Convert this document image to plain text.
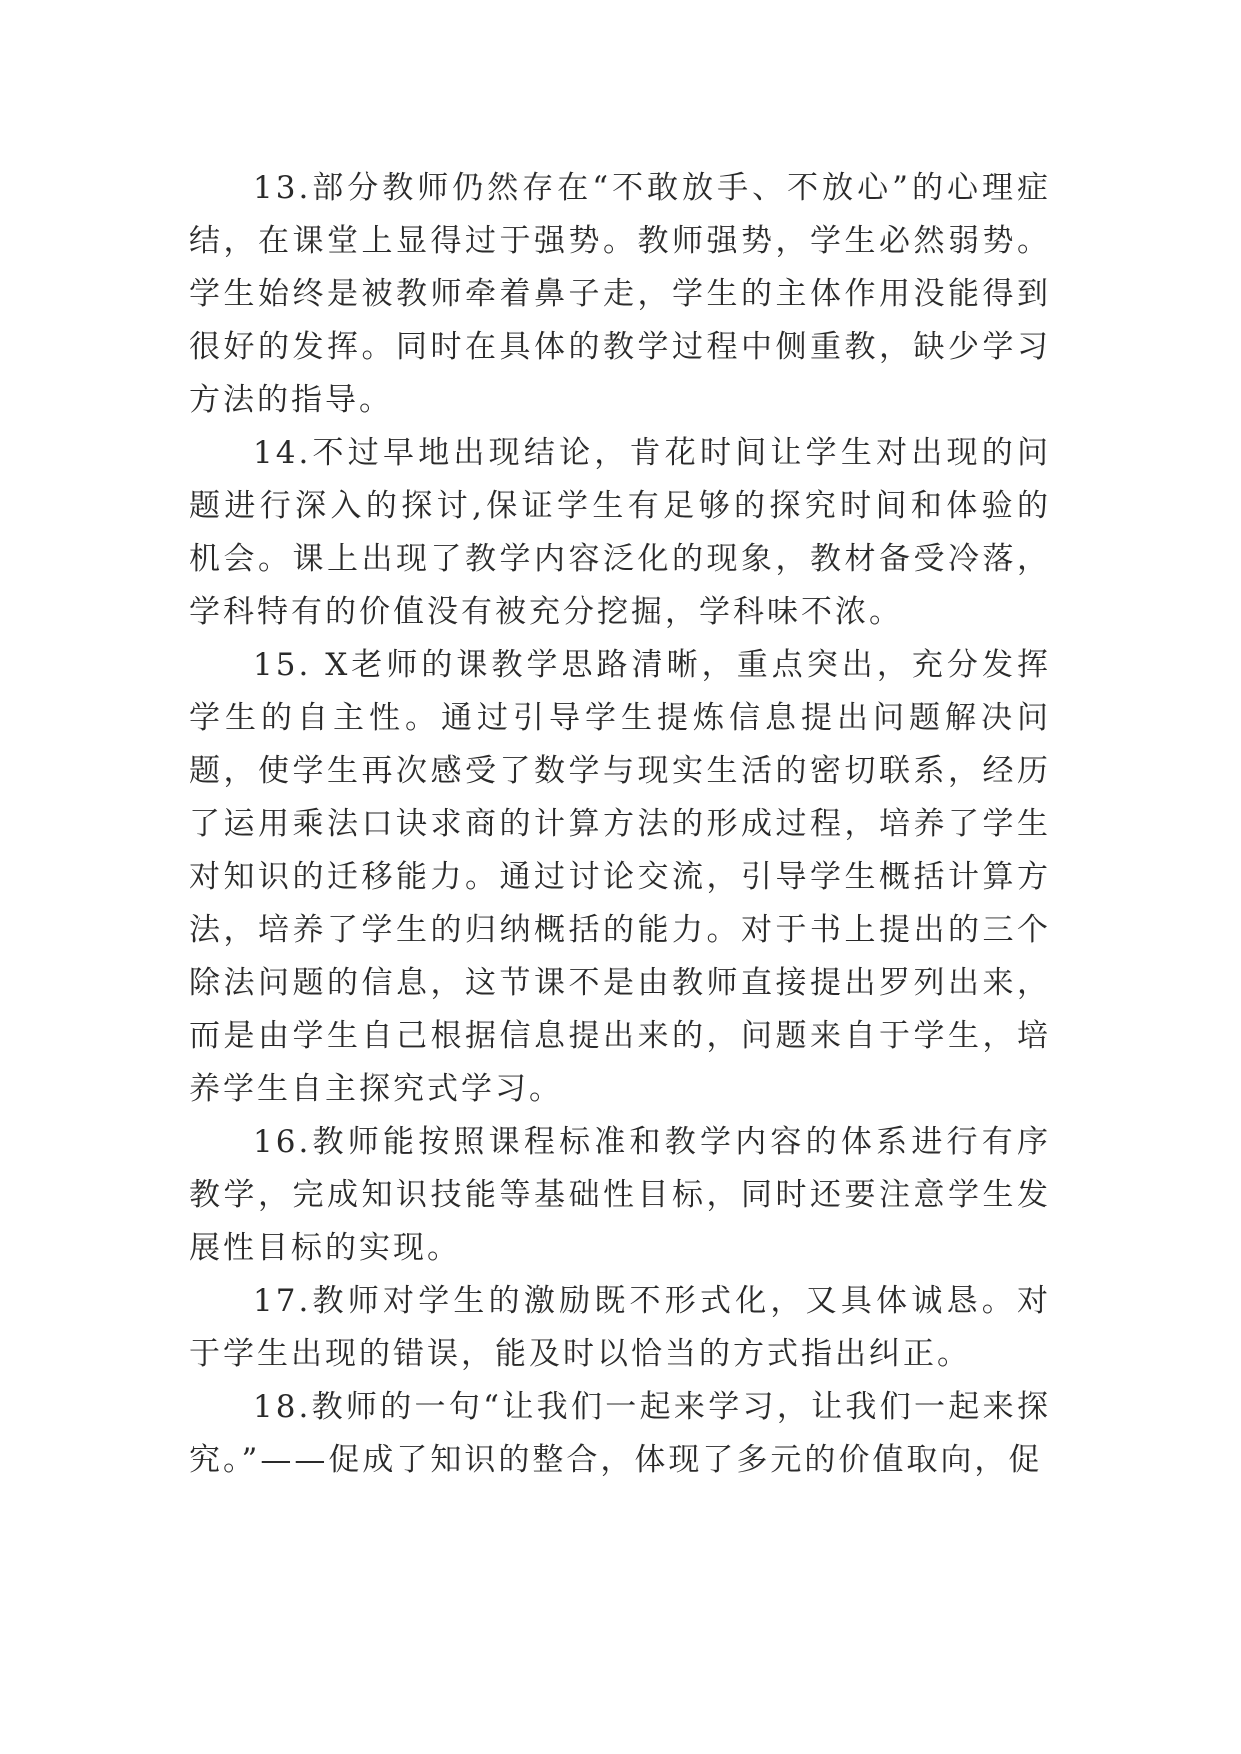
13.部分教师仍然存在“不敢放手、不放心”的心理症结，在课堂上显得过于强势。教师强势，学生必然弱势。学生始终是被教师牵着鼻子走，学生的主体作用没能得到很好的发挥。同时在具体的教学过程中侧重教，缺少学习方法的指导。

14.不过早地出现结论，肯花时间让学生对出现的问题进行深入的探讨,保证学生有足够的探究时间和体验的机会。课上出现了教学内容泛化的现象，教材备受冷落，学科特有的价值没有被充分挖掘，学科味不浓。

15. X老师的课教学思路清晰，重点突出，充分发挥学生的自主性。通过引导学生提炼信息提出问题解决问题，使学生再次感受了数学与现实生活的密切联系，经历了运用乘法口诀求商的计算方法的形成过程，培养了学生对知识的迁移能力。通过讨论交流，引导学生概括计算方法，培养了学生的归纳概括的能力。对于书上提出的三个除法问题的信息，这节课不是由教师直接提出罗列出来，而是由学生自己根据信息提出来的，问题来自于学生，培养学生自主探究式学习。

16.教师能按照课程标准和教学内容的体系进行有序教学，完成知识技能等基础性目标，同时还要注意学生发展性目标的实现。

17.教师对学生的激励既不形式化，又具体诚恳。对于学生出现的错误，能及时以恰当的方式指出纠正。

18.教师的一句“让我们一起来学习，让我们一起来探究。”——促成了知识的整合，体现了多元的价值取向，促
